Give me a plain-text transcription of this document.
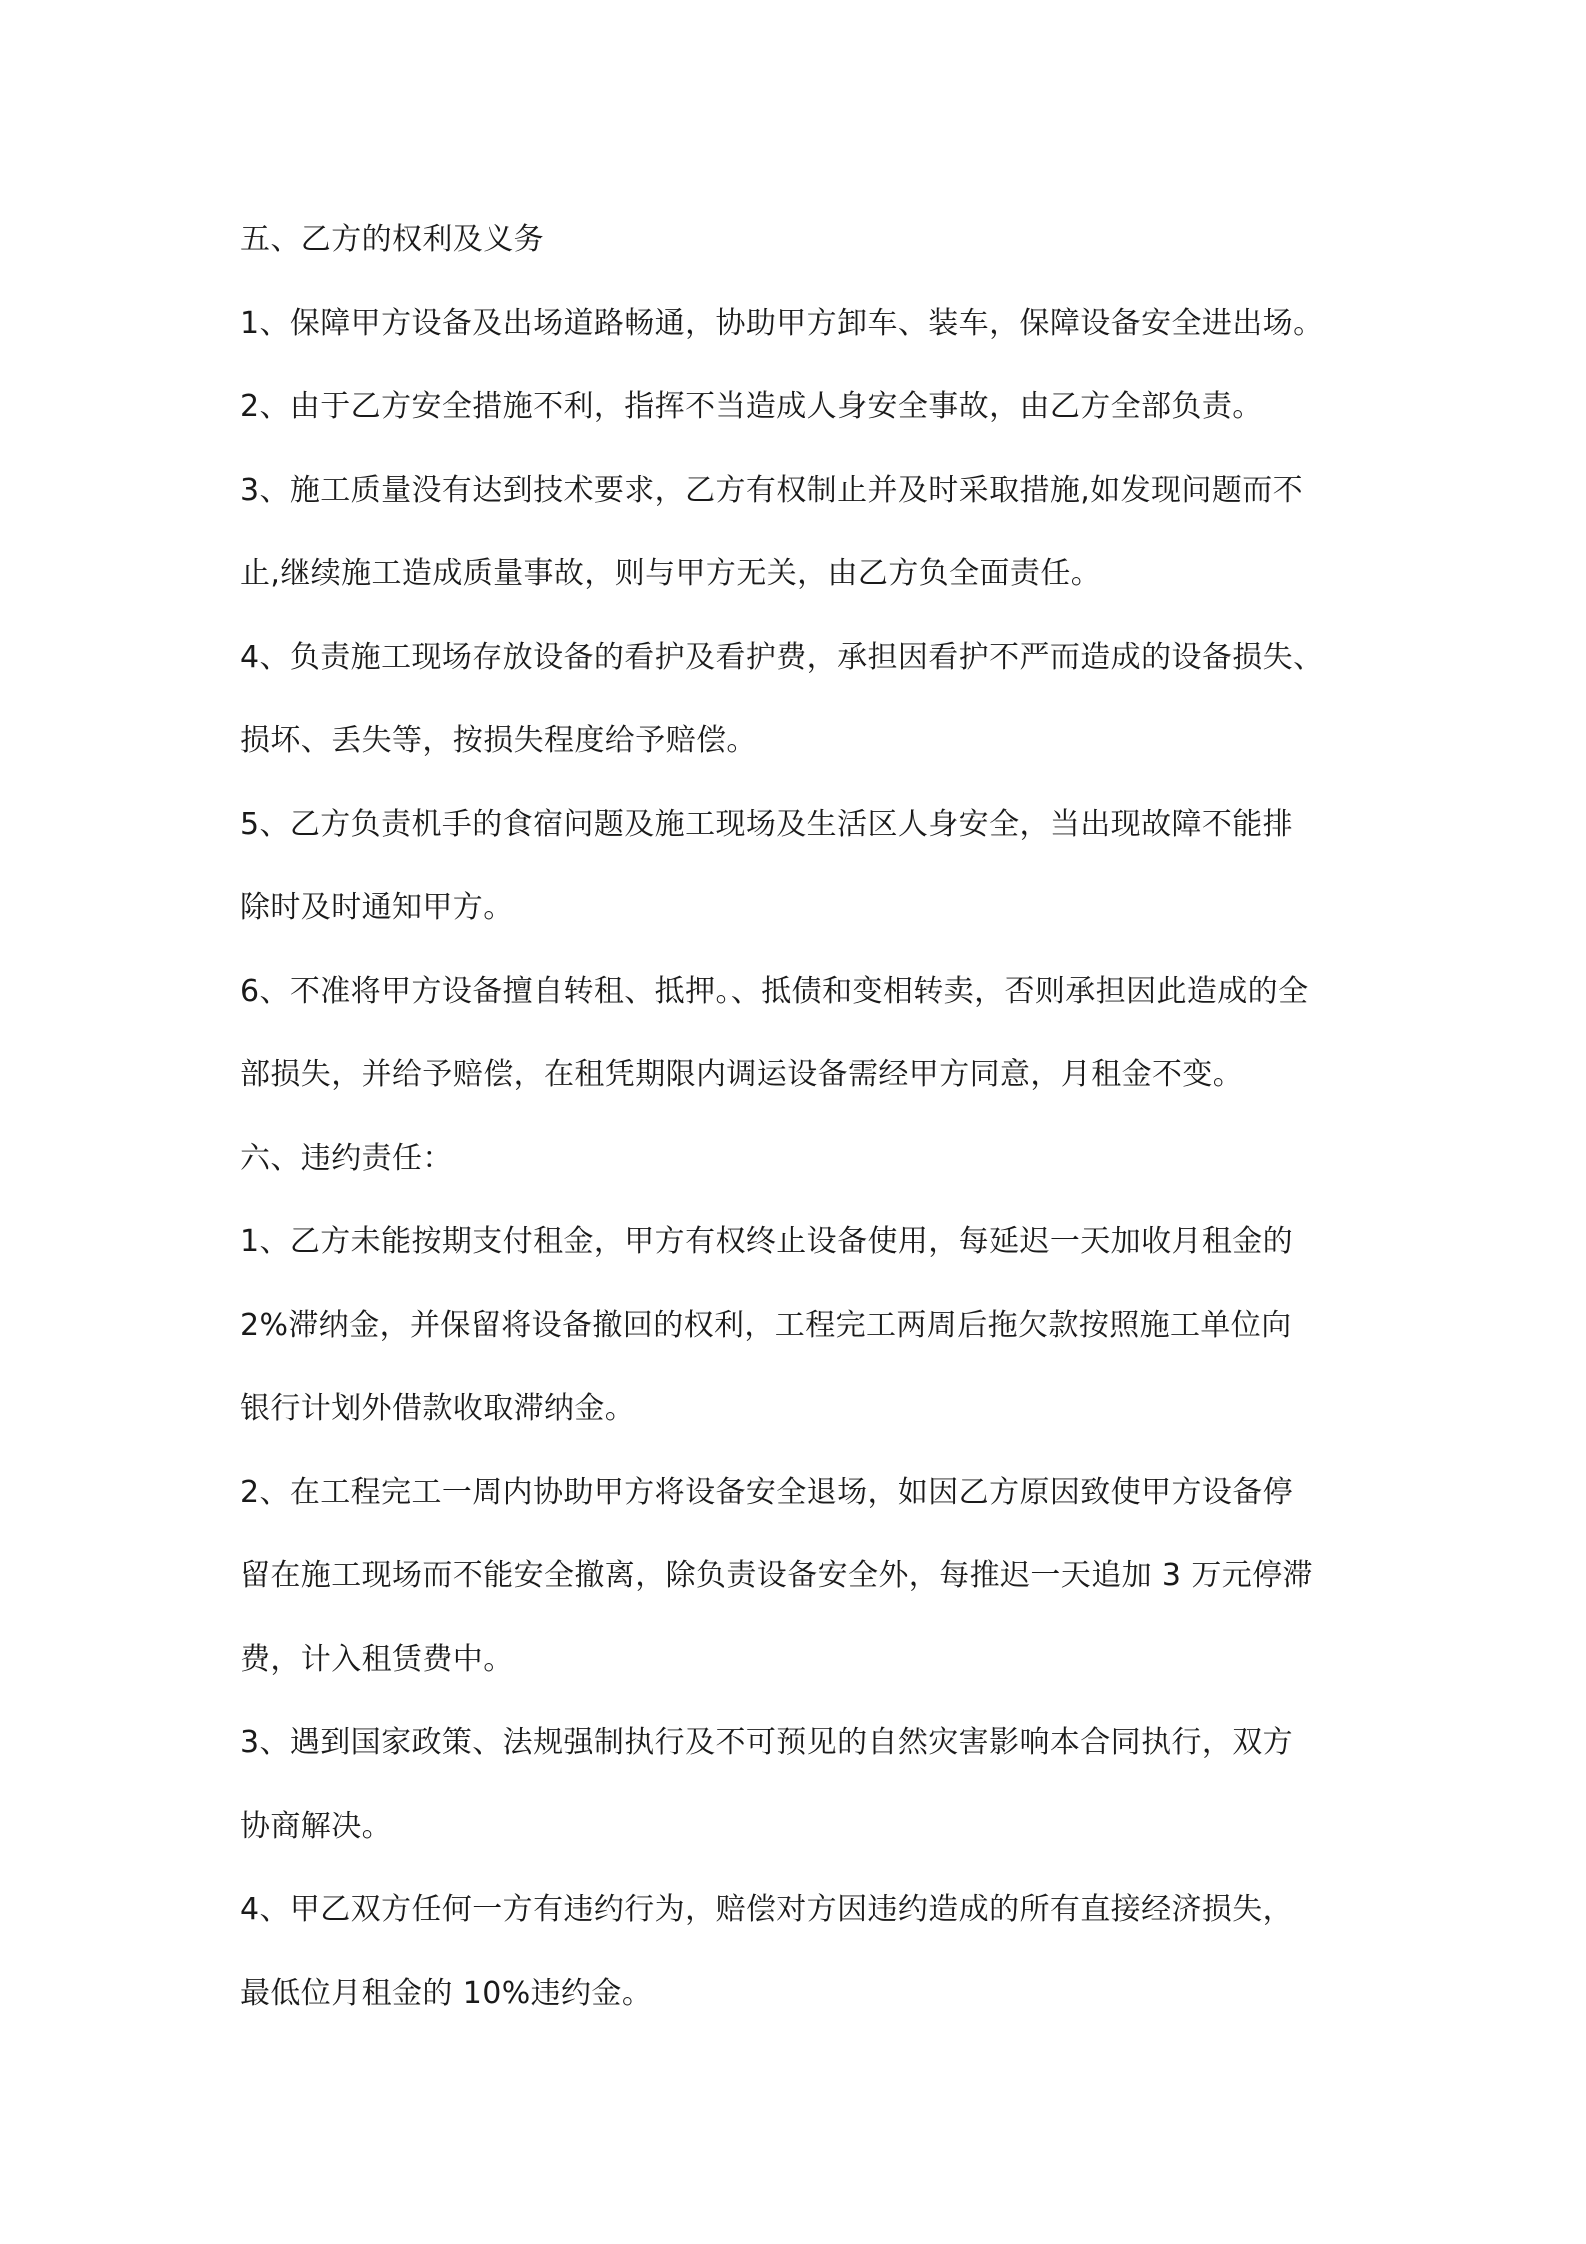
五、乙方的权利及义务
1、保障甲方设备及出场道路畅通，协助甲方卸车、装车，保障设备安全进出场。
2、由于乙方安全措施不利，指挥不当造成人身安全事故，由乙方全部负责。
3、施工质量没有达到技术要求，乙方有权制止并及时采取措施,如发现问题而不
止,继续施工造成质量事故，则与甲方无关，由乙方负全面责任。
4、负责施工现场存放设备的看护及看护费，承担因看护不严而造成的设备损失、
损坏、丢失等，按损失程度给予赔偿。
5、乙方负责机手的食宿问题及施工现场及生活区人身安全，当出现故障不能排
除时及时通知甲方。
6、不准将甲方设备擅自转租、抵押。、抵债和变相转卖，否则承担因此造成的全
部损失，并给予赔偿，在租凭期限内调运设备需经甲方同意，月租金不变。
六、违约责任：
1、乙方未能按期支付租金，甲方有权终止设备使用，每延迟一天加收月租金的
2%滞纳金，并保留将设备撤回的权利，工程完工两周后拖欠款按照施工单位向
银行计划外借款收取滞纳金。
2、在工程完工一周内协助甲方将设备安全退场，如因乙方原因致使甲方设备停
留在施工现场而不能安全撤离，除负责设备安全外，每推迟一天追加 3 万元停滞
费，计入租赁费中。
3、遇到国家政策、法规强制执行及不可预见的自然灾害影响本合同执行，双方
协商解决。
4、甲乙双方任何一方有违约行为，赔偿对方因违约造成的所有直接经济损失，
最低位月租金的 10%违约金。
